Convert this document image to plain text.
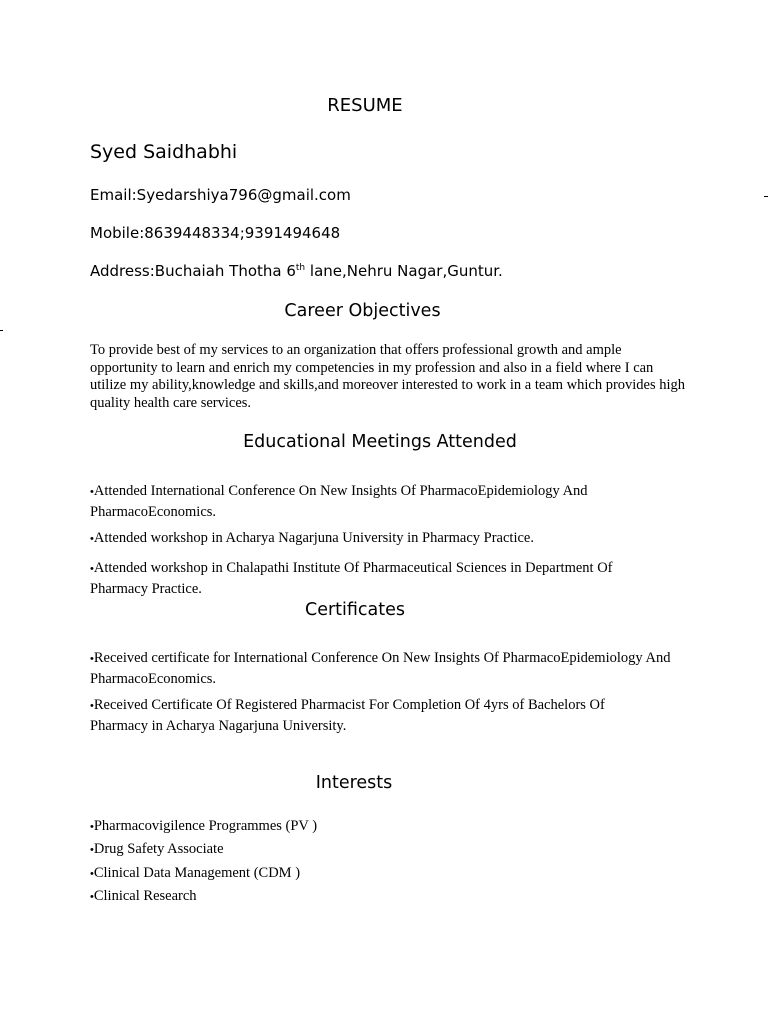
RESUME
Syed Saidhabhi
Email:Syedarshiya796@gmail.com
Mobile:8639448334;9391494648
Address:Buchaiah Thotha 6th lane,Nehru Nagar,Guntur.
Career Objectives
To provide best of my services to an organization that offers professional growth and ample opportunity to learn and enrich my competencies in my profession and also in a field where I can utilize my ability,knowledge and skills,and moreover interested to work in a team which provides high quality health care services.
Educational Meetings Attended
•Attended International Conference On New Insights Of PharmacoEpidemiology And PharmacoEconomics.
•Attended workshop in Acharya Nagarjuna University in Pharmacy Practice.
•Attended workshop in Chalapathi Institute Of Pharmaceutical Sciences in Department Of Pharmacy Practice.
Certificates
•Received certificate for International Conference On New Insights Of PharmacoEpidemiology And PharmacoEconomics.
•Received Certificate Of Registered Pharmacist For Completion Of 4yrs of Bachelors Of Pharmacy in Acharya Nagarjuna University.
Interests
•Pharmacovigilence Programmes (PV )
•Drug Safety Associate
•Clinical Data Management (CDM )
•Clinical Research
